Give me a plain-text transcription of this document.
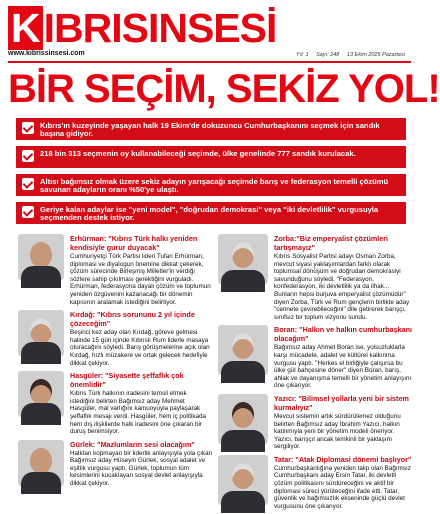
KIBRISINSESİ
www.kibrissinsesi.com	Yıl: 1 Sayı: 248 13 Ekim 2025 Pazartesi
BİR SEÇİM, SEKİZ YOL!

Kıbrıs'ın kuzeyinde yaşayan halk 19 Ekim'de dokuzuncu Cumhurbaşkanını seçmek için sandık başına gidiyor.

218 bin 313 seçmenin oy kullanabileceği seçimde, ülke genelinde 777 sandık kurulacak.

Altısı bağımsız olmak üzere sekiz adayın yarışacağı seçimde barış ve federasyon temelli çözümü savunan adayların oranı %50'ye ulaştı.

Geriye kalan adaylar ise "yeni model", "doğrudan demokrasi" veya "iki devletlilik" vurgusuyla seçmenden destek istiyor.

Erhürman: "Kıbrıs Türk halkı yeniden kendisiyle gurur duyacak"

Cumhuriyetçi Türk Partisi lideri Tufan Erhürman, diplomasi ve diyalogun önemine dikkat çekerek, çözüm sürecinde Birleşmiş Milletler'in verdiği sözlere sahip çıkılması gerektiğini vurguladı. Erhürman, federasyona dayalı çözüm ve toplumun yeniden özgüvenini kazanacağı bir dönemin kapısının aralamak istediğini belirtiyor.

Kırdağ: "Kıbrıs sorununu 2 yıl içinde çözeceğim"

Beşinci kez aday olan Kırdağ, göreve gelmesi halinde 15 gün içinde Kıbrıslı Rum liderle masaya oturacağını söyledi. Barış görüşmelerine açık olan Kırdağ, hızlı müzakere ve ortak gelecek hedefiyle dikkat çekiyor.

Hasgüler: "Siyasette şeffaflık çok önemlidir"

Kıbrıs Türk halkının iradesini temsil etmek istediğini belirten Bağımsız aday Mehmet Hasgüler, mal varlığını kamuoyuyla paylaşarak şeffaflık mesajı verdi. Hasgüler, hem iç politikada hem dış ilişkilerde halk iradesini öne çıkaran bir duruş benimsiyor.

Gürlek: "Mazlumların sesi olacağım"

Halktan kopmayan bir liderlik anlayışıyla yola çıkan Bağımsız aday Hüseyin Gürlek, sosyal adalet ve eşitlik vurgusu yaptı. Gürlek, toplumun tüm kesimlerini kucaklayan sosyal devlet anlayışıyla dikkat çekiyor.

Zorba:"Biz emperyalist çözümleri tartışmayız"

Kıbrıs Sosyalist Partisi adayı Osman Zorba, mevcut siyasi yaklaşımlardan farklı olarak toplumsal dönüşüm ve doğrudan demokrasiyi savunduğunu söyledi. "Federasyon, konfederasyon, iki devletlilik ya da ilhak... Bunların hepsi burjuva emperyalist çözümüdür" diyen Zorba, Türk ve Rum gençlerin birlikte aday "cennete çevirebileceğini" dile getirerek barışçı, sınıfsız bir toplum vizyonu sundu.

Boran: "Halkın ve halkın cumhurbaşkanı olacağım"

Bağımsız aday Ahmet Boran ise, yolsuzluklarla karşı mücadele, adalet ve kültürel kalkınma vurgusu yaptı. "Herkes el birliğiyle çalışırsa bu ülke gül bahçesine döner" diyen Boran, barış, ahlak ve dayanışma temelli bir yönetim anlayışını öne çıkarıyor.

Yazıcı: "Bilimsel yollarla yeni bir sistem kurmalıyız"

Mevcut sistemin artık sürdürülemez olduğunu belirten Bağımsız aday İbrahim Yazıcı, halkın katılımıyla yeni bir yönetim modeli öneriyor. Yazıcı, barışçıl ancak temkinli bir yaklaşım sergiliyor.

Tatar: "Atak Diplomasi dönemi başlıyor"

Cumhurbaşkanlığına yeniden talip olan Bağımsız Cumhurbaşkanı aday Ersin Tatar, iki devletli çözüm politikasını sürdüreceğini ve aktif bir diplomasi süreci yürüteceğini ifade etti. Tatar, güvenlik ve bağımsızlık ekseninde güçlü devlet vurgusunu öne çıkarıyor.
